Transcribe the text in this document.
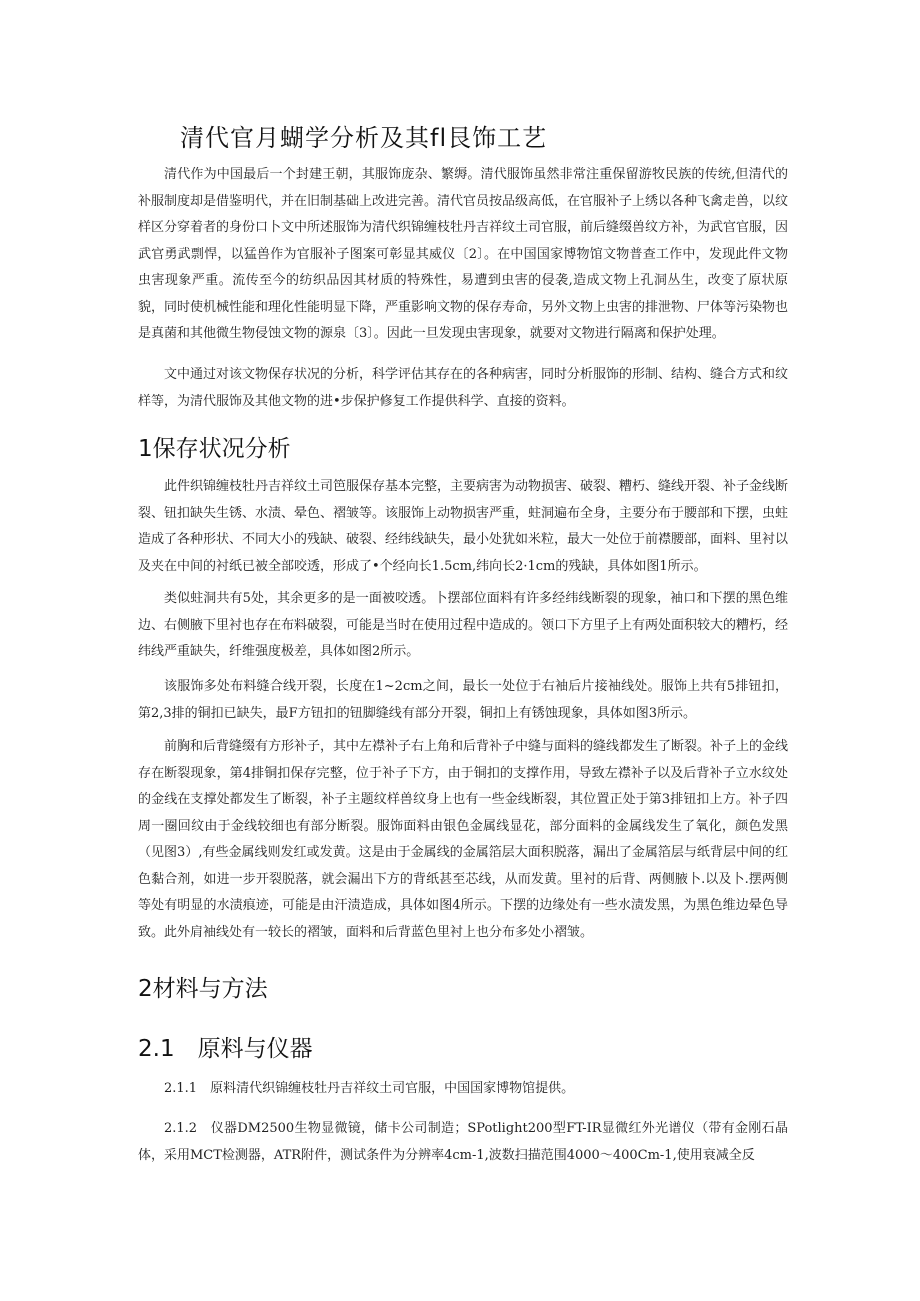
清代官月蝴学分析及其fl艮饰工艺

清代作为中国最后一个封建王朝，其服饰庞杂、繁缛。清代服饰虽然非常注重保留游牧民族的传统,但清代的补服制度却是借鉴明代，并在旧制基础上改进完善。清代官员按品级高低，在官服补子上绣以各种飞禽走兽，以纹样区分穿着者的身份口卜文中所述服饰为清代织锦缠枝牡丹吉祥纹土司官服，前后缝缀兽纹方补，为武官官服，因武官勇武剽悍，以猛兽作为官服补子图案可彰显其威仪〔2〕。在中国国家博物馆文物普查工作中，发现此件文物虫害现象严重。流传至今的纺织品因其材质的特殊性，易遭到虫害的侵袭,造成文物上孔洞丛生，改变了原状原貌，同时使机械性能和理化性能明显下降，严重影响文物的保存寿命，另外文物上虫害的排泄物、尸体等污染物也是真菌和其他微生物侵蚀文物的源泉〔3〕。因此一旦发现虫害现象，就要对文物进行隔离和保护处理。

文中通过对该文物保存状况的分析，科学评估其存在的各种病害，同时分析服饰的形制、结构、缝合方式和纹样等，为清代服饰及其他文物的进•步保护修复工作提供科学、直接的资料。

1保存状况分析

此件织锦缠枝牡丹吉祥纹土司笆服保存基本完整，主要病害为动物损害、破裂、糟朽、缝线开裂、补子金线断裂、钮扣缺失生锈、水渍、晕色、褶皱等。该服饰上动物损害严重，蛀洞遍布全身，主要分布于腰部和下摆，虫蛀造成了各种形状、不同大小的残缺、破裂、经纬线缺失，最小处犹如米粒，最大一处位于前襟腰部，面料、里衬以及夹在中间的衬纸已被全部咬透，形成了•个经向长1.5cm,纬向长2·1cm的残缺，具体如图1所示。

类似蛀洞共有5处，其余更多的是一面被咬透。卜摆部位面料有许多经纬线断裂的现象，袖口和下摆的黑色维边、右侧腋下里衬也存在布料破裂，可能是当时在使用过程中造成的。领口下方里子上有两处面积较大的糟朽，经纬线严重缺失，纤维强度极差，具体如图2所示。

该服饰多处布料缝合线开裂，长度在1~2cm之间，最长一处位于右袖后片接袖线处。服饰上共有5排钮扣，第2,3排的铜扣已缺失，最F方钮扣的钮脚缝线有部分开裂，铜扣上有锈蚀现象，具体如图3所示。

前胸和后背缝缀有方形补子，其中左襟补子右上角和后背补子中缝与面料的缝线都发生了断裂。补子上的金线存在断裂现象，第4排铜扣保存完整，位于补子下方，由于铜扣的支撑作用，导致左襟补子以及后背补子立水纹处的金线在支撑处都发生了断裂，补子主题纹样兽纹身上也有一些金线断裂，其位置正处于第3排钮扣上方。补子四周一圈回纹由于金线较细也有部分断裂。服饰面料由银色金属线显花，部分面料的金属线发生了氧化，颜色发黑（见图3）,有些金属线则发红或发黄。这是由于金属线的金属箔层大面积脱落，漏出了金属箔层与纸背层中间的红色黏合剂，如进一步开裂脱落，就会漏出下方的背纸甚至芯线，从而发黄。里衬的后背、两侧腋卜.以及卜.摆两侧等处有明显的水渍痕迹，可能是由汗渍造成，具体如图4所示。下摆的边缘处有一些水渍发黑，为黑色维边晕色导致。此外肩袖线处有一较长的褶皱，面料和后背蓝色里衬上也分布多处小褶皱。

2材料与方法
2.1　原料与仪器

2.1.1　原料清代织锦缠枝牡丹吉祥纹土司官服，中国国家博物馆提供。

2.1.2　仪器DM2500生物显微镜，储卡公司制造；SPotlight200型FT-IR显微红外光谱仪（带有金刚石晶体，采用MCT检测器，ATR附件，测试条件为分辨率4cm-1,波数扫描范围4000～400Cm-1,使用衰减全反
